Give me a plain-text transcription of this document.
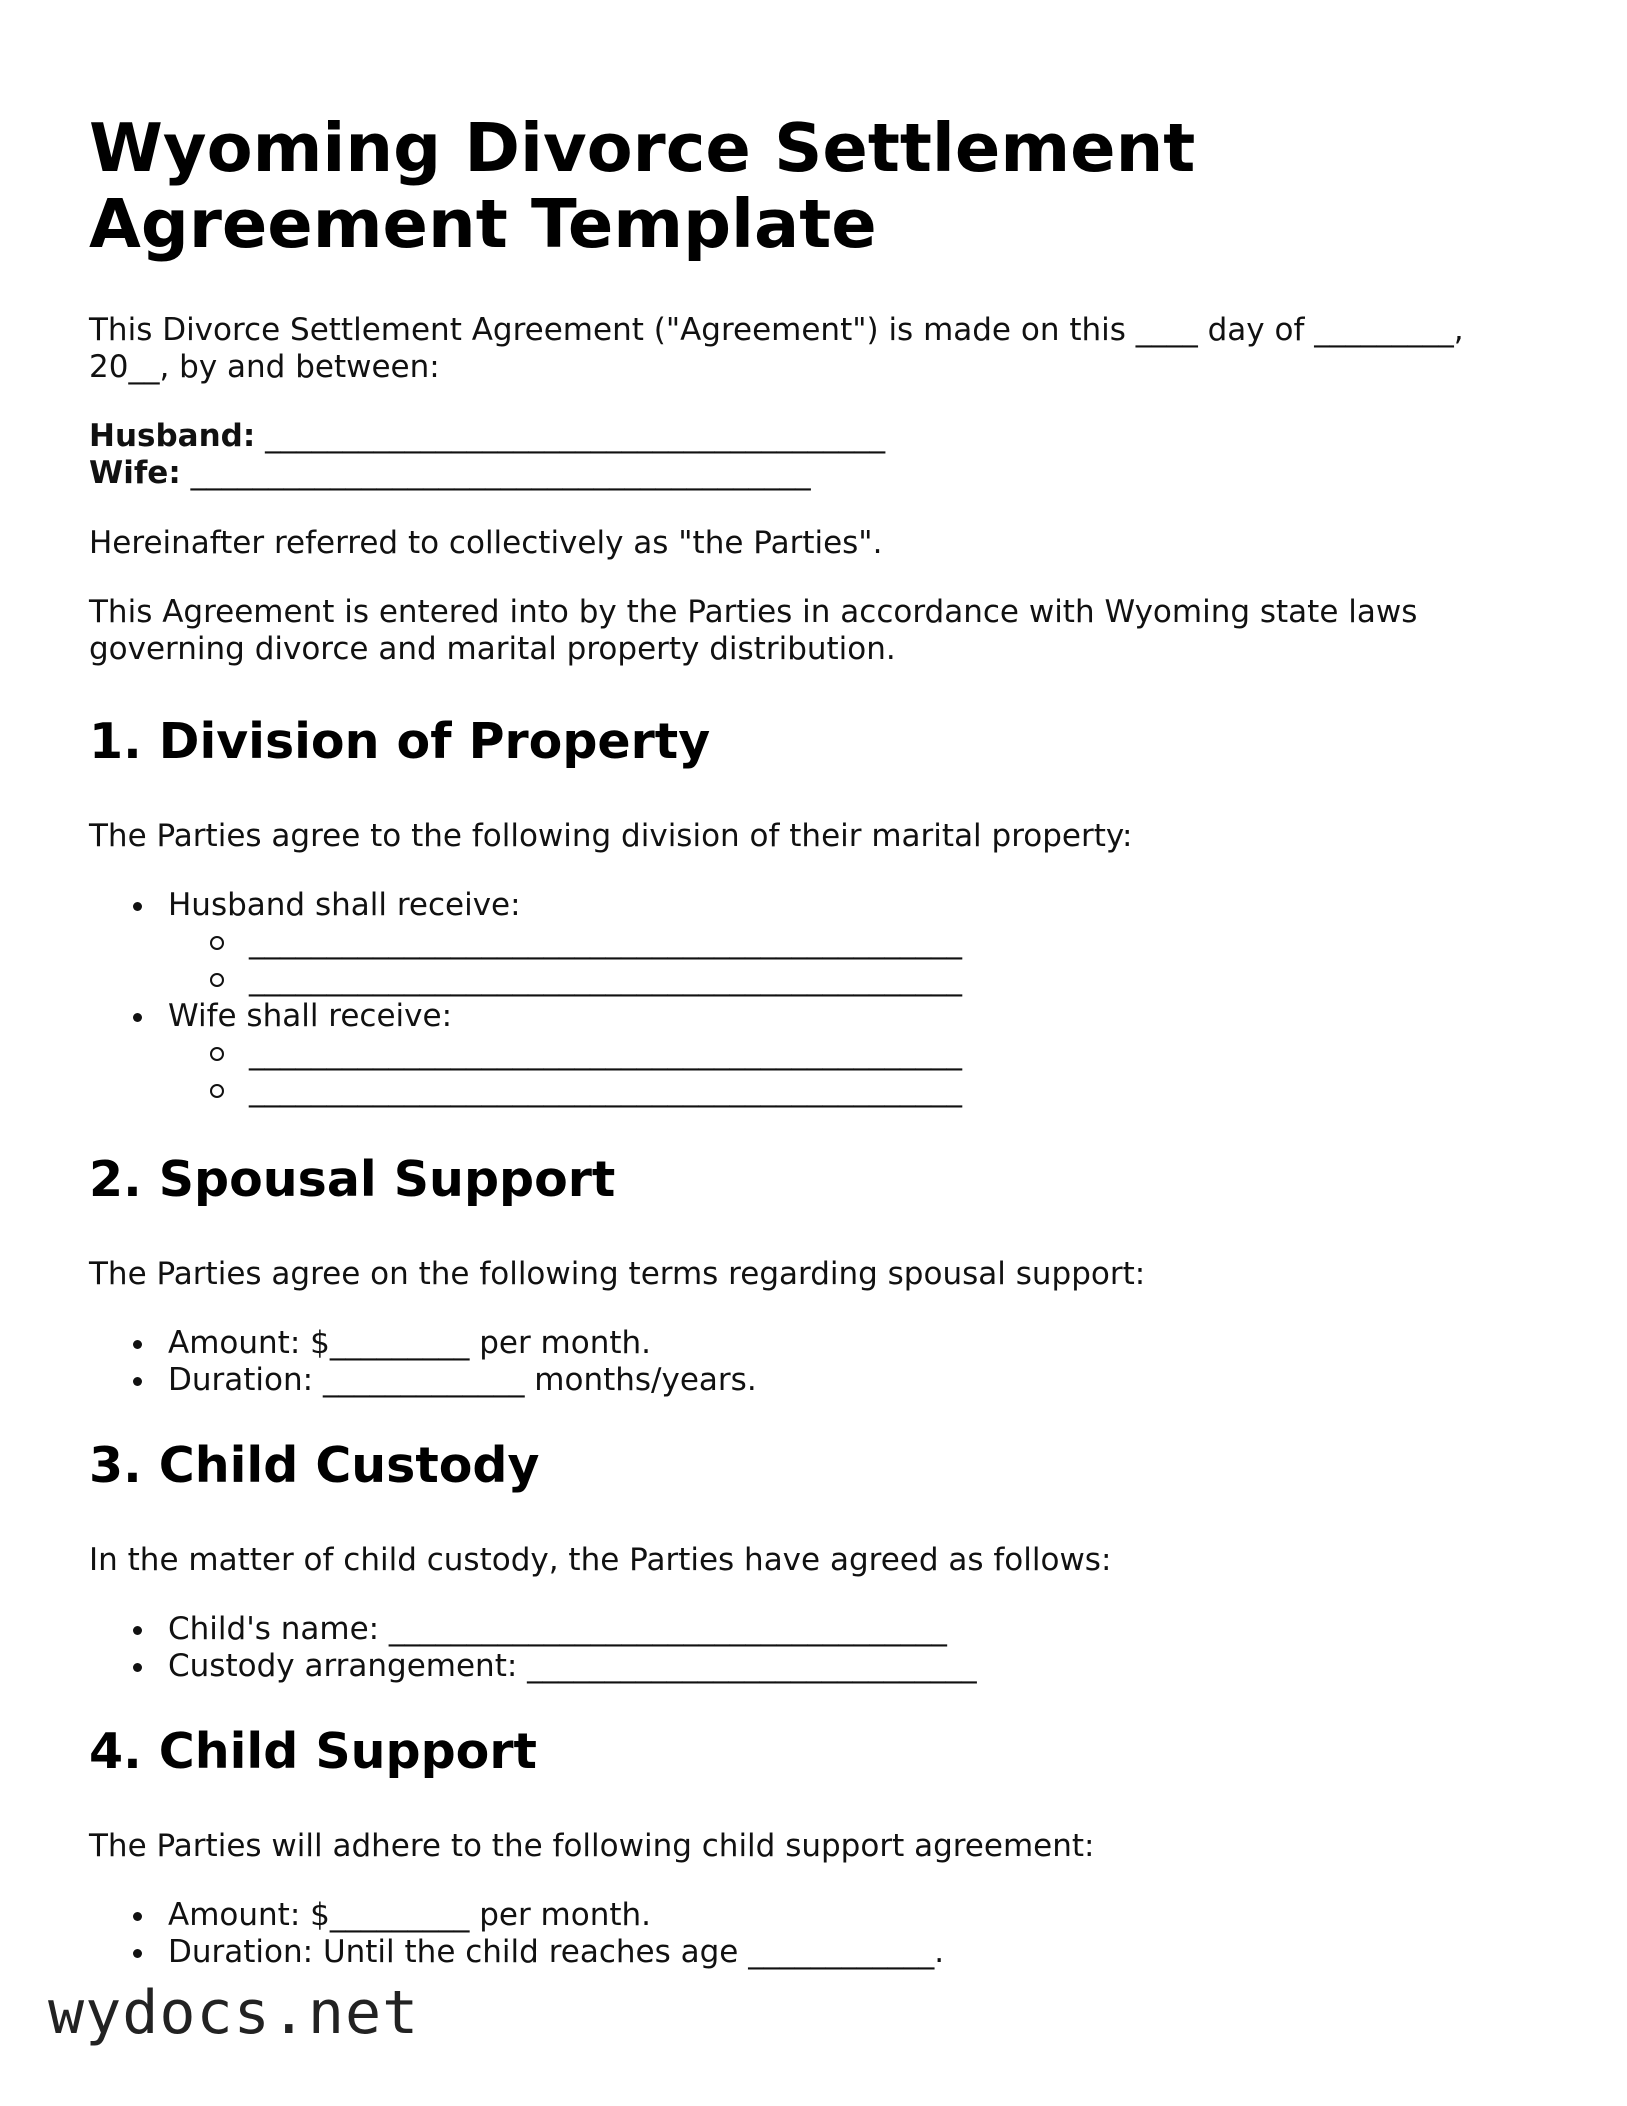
Wyoming Divorce Settlement Agreement Template

This Divorce Settlement Agreement ("Agreement") is made on this ____ day of _________, 20__, by and between:

Husband: ________________________________________
Wife: ________________________________________

Hereinafter referred to collectively as "the Parties".

This Agreement is entered into by the Parties in accordance with Wyoming state laws governing divorce and marital property distribution.

1. Division of Property

The Parties agree to the following division of their marital property:

Husband shall receive:
______________________________________________
______________________________________________
Wife shall receive:
______________________________________________
______________________________________________
2. Spousal Support

The Parties agree on the following terms regarding spousal support:

Amount: $_________ per month.
Duration: _____________ months/years.
3. Child Custody

In the matter of child custody, the Parties have agreed as follows:

Child's name: ____________________________________
Custody arrangement: _____________________________
4. Child Support

The Parties will adhere to the following child support agreement:

Amount: $_________ per month.
Duration: Until the child reaches age ____________.
wydocs.net
